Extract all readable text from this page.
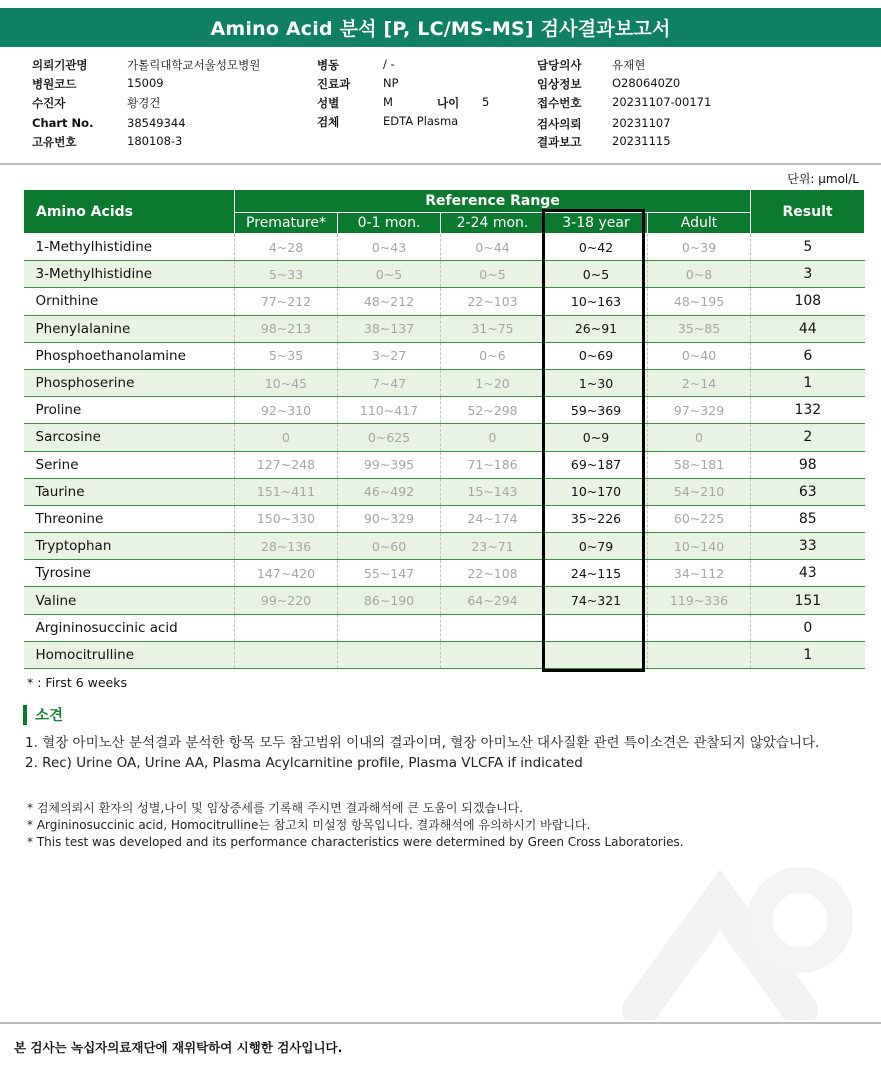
Amino Acid 분석 [P, LC/MS-MS] 검사결과보고서
의뢰기관명	가톨릭대학교서울성모병원
병원코드	15009
수진자	황경건
Chart No.	38549344
고유번호	180108-3
병동	/ -
진료과	NP
성별	M	나이 5
검체	EDTA Plasma
담당의사	유재현
임상정보	O280640Z0
접수번호	20231107-00171
검사의뢰	20231107
결과보고	20231115
단위: μmol/L
Amino Acids	Reference Range					Result
	Premature*	0-1 mon.	2-24 mon.	3-18 year	Adult	
1-Methylhistidine	4~28	0~43	0~44	0~42	0~39	5
3-Methylhistidine	5~33	0~5	0~5	0~5	0~8	3
Ornithine	77~212	48~212	22~103	10~163	48~195	108
Phenylalanine	98~213	38~137	31~75	26~91	35~85	44
Phosphoethanolamine	5~35	3~27	0~6	0~69	0~40	6
Phosphoserine	10~45	7~47	1~20	1~30	2~14	1
Proline	92~310	110~417	52~298	59~369	97~329	132
Sarcosine	0	0~625	0	0~9	0	2
Serine	127~248	99~395	71~186	69~187	58~181	98
Taurine	151~411	46~492	15~143	10~170	54~210	63
Threonine	150~330	90~329	24~174	35~226	60~225	85
Tryptophan	28~136	0~60	23~71	0~79	10~140	33
Tyrosine	147~420	55~147	22~108	24~115	34~112	43
Valine	99~220	86~190	64~294	74~321	119~336	151
Argininosuccinic acid						0
Homocitrulline						1
* : First 6 weeks
소견
1. 혈장 아미노산 분석결과 분석한 항목 모두 참고범위 이내의 결과이며, 혈장 아미노산 대사질환 관련 특이소견은 관찰되지 않았습니다.
2. Rec) Urine OA, Urine AA, Plasma Acylcarnitine profile, Plasma VLCFA if indicated
* 검체의뢰시 환자의 성별,나이 및 임상증세를 기록해 주시면 결과해석에 큰 도움이 되겠습니다.
* Argininosuccinic acid, Homocitrulline는 참고치 미설정 항목입니다. 결과해석에 유의하시기 바랍니다.
* This test was developed and its performance characteristics were determined by Green Cross Laboratories.
본 검사는 녹십자의료재단에 재위탁하여 시행한 검사입니다.
